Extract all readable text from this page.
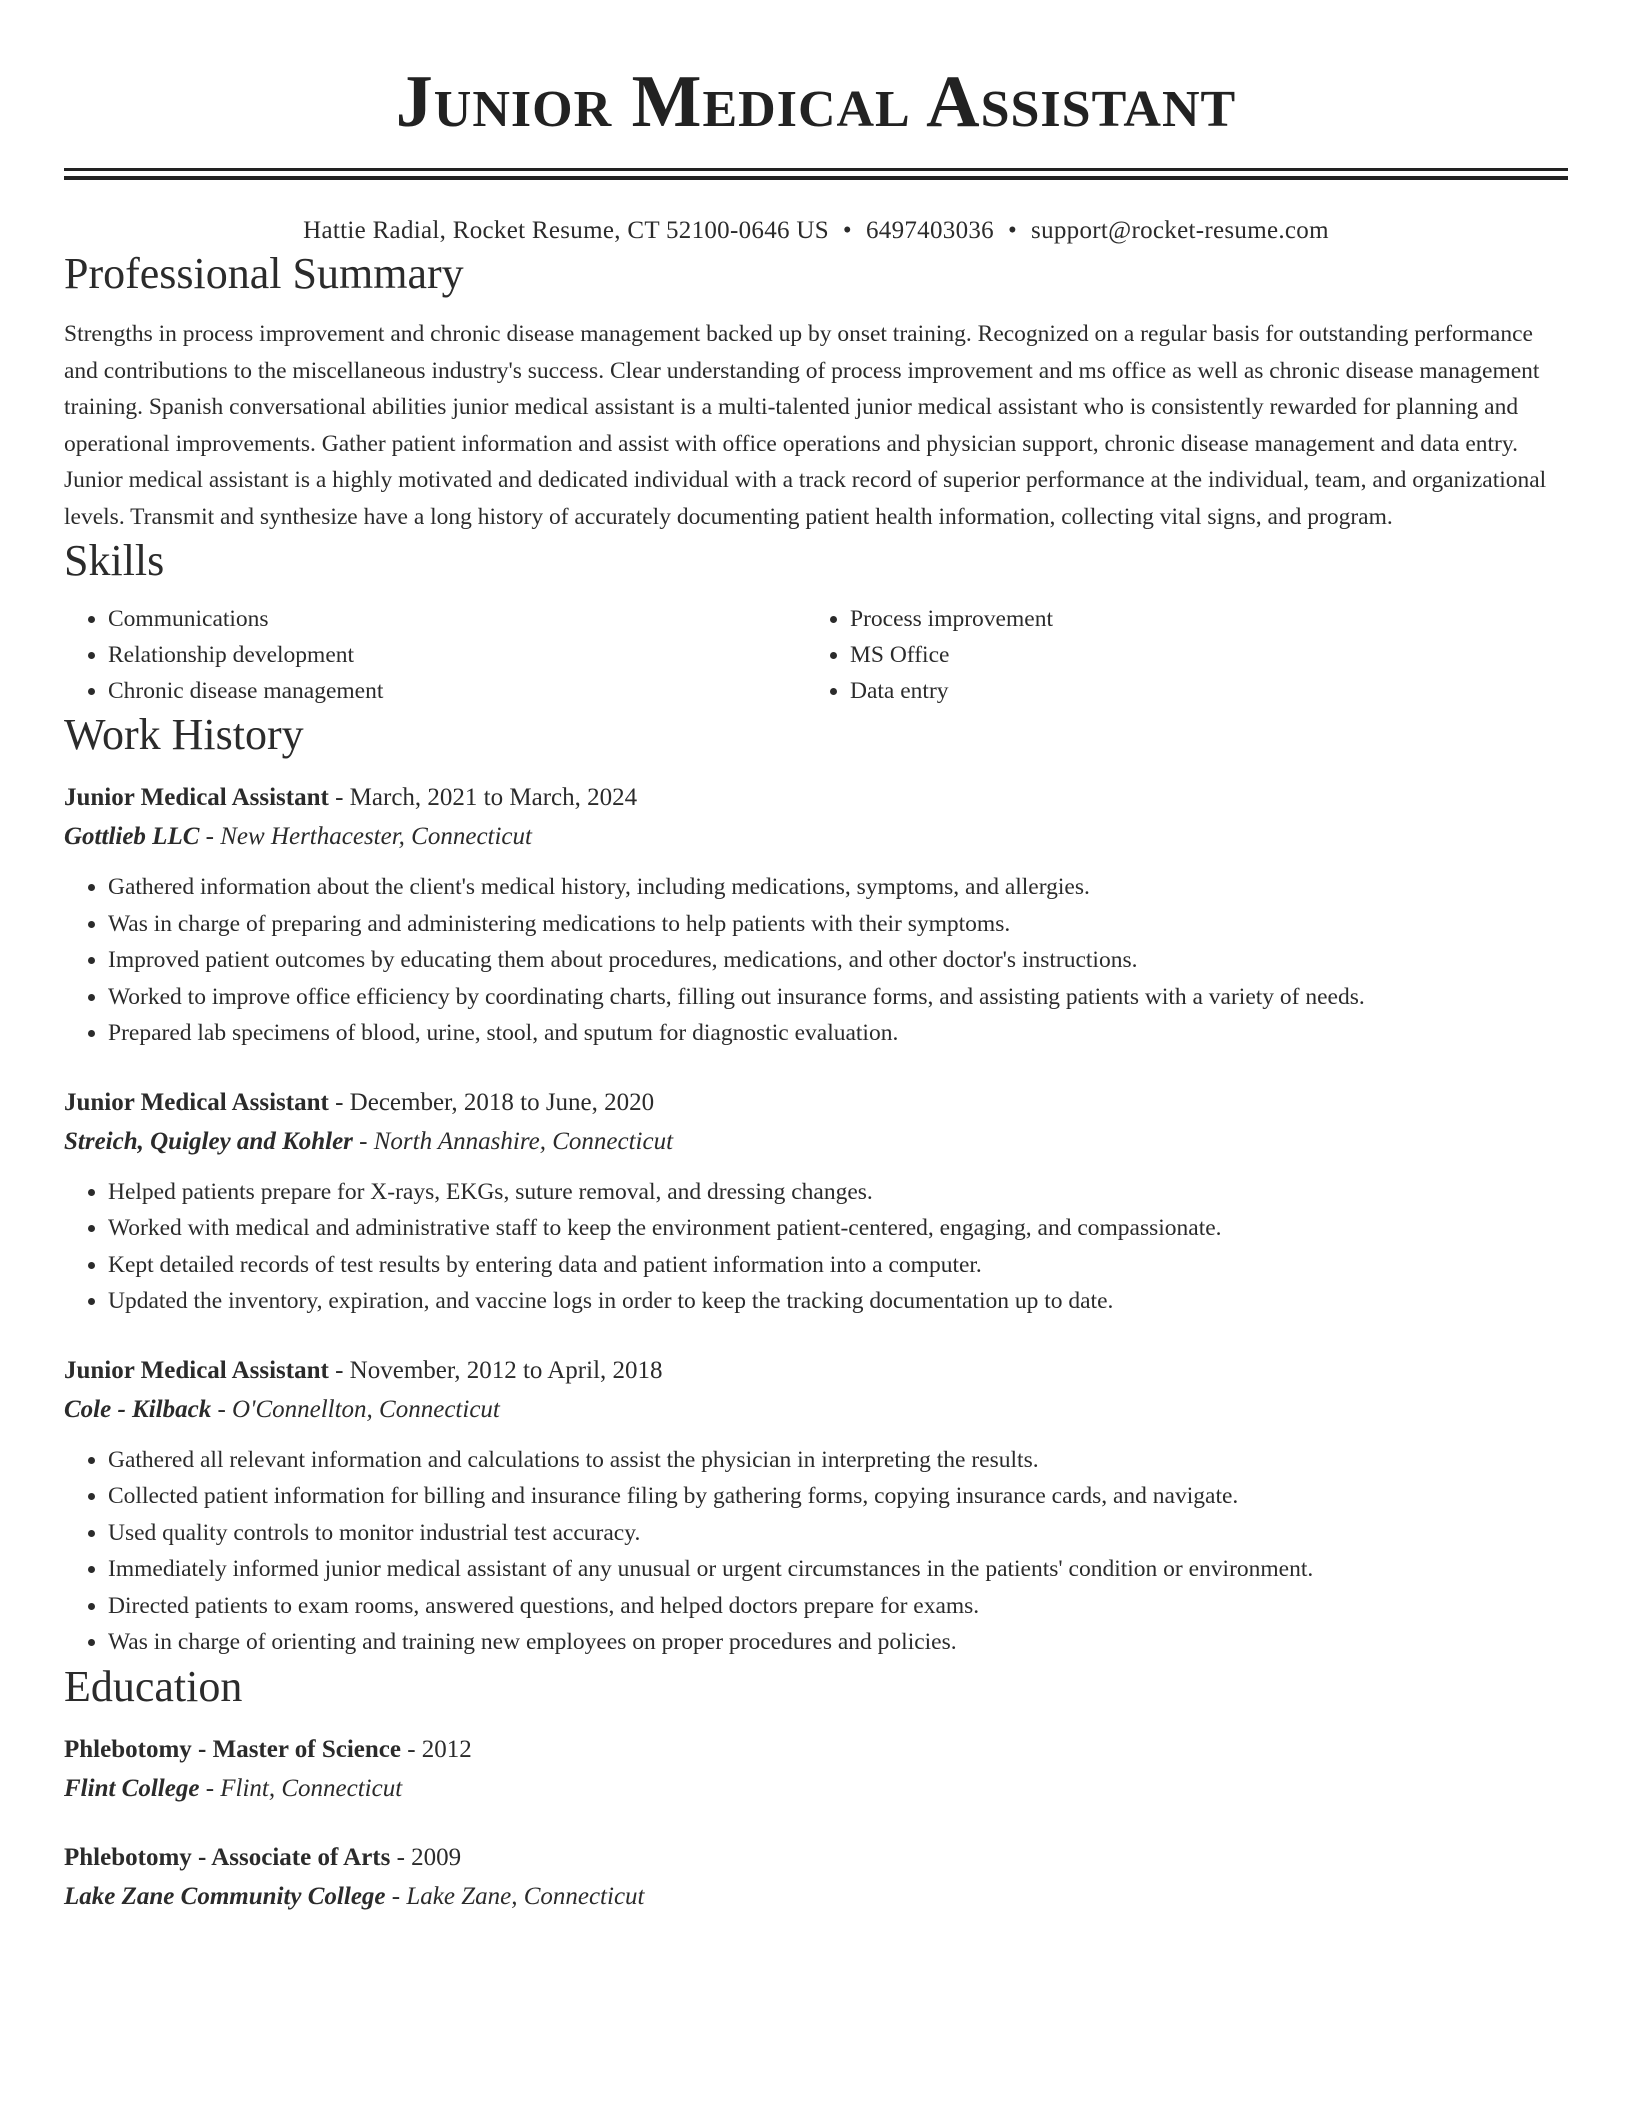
Junior Medical Assistant
Hattie Radial, Rocket Resume, CT 52100-0646 US • 6497403036 • support@rocket-resume.com
Professional Summary

Strengths in process improvement and chronic disease management backed up by onset training. Recognized on a regular basis for outstanding performance and contributions to the miscellaneous industry's success. Clear understanding of process improvement and ms office as well as chronic disease management training. Spanish conversational abilities junior medical assistant is a multi-talented junior medical assistant who is consistently rewarded for planning and operational improvements. Gather patient information and assist with office operations and physician support, chronic disease management and data entry. Junior medical assistant is a highly motivated and dedicated individual with a track record of superior performance at the individual, team, and organizational levels. Transmit and synthesize have a long history of accurately documenting patient health information, collecting vital signs, and program.

Skills
• Communications
• Relationship development
• Chronic disease management
• Process improvement
• MS Office
• Data entry
Work History
Junior Medical Assistant - March, 2021 to March, 2024
Gottlieb LLC - New Herthacester, Connecticut
• Gathered information about the client's medical history, including medications, symptoms, and allergies.
• Was in charge of preparing and administering medications to help patients with their symptoms.
• Improved patient outcomes by educating them about procedures, medications, and other doctor's instructions.
• Worked to improve office efficiency by coordinating charts, filling out insurance forms, and assisting patients with a variety of needs.
• Prepared lab specimens of blood, urine, stool, and sputum for diagnostic evaluation.
Junior Medical Assistant - December, 2018 to June, 2020
Streich, Quigley and Kohler - North Annashire, Connecticut
• Helped patients prepare for X-rays, EKGs, suture removal, and dressing changes.
• Worked with medical and administrative staff to keep the environment patient-centered, engaging, and compassionate.
• Kept detailed records of test results by entering data and patient information into a computer.
• Updated the inventory, expiration, and vaccine logs in order to keep the tracking documentation up to date.
Junior Medical Assistant - November, 2012 to April, 2018
Cole - Kilback - O'Connellton, Connecticut
• Gathered all relevant information and calculations to assist the physician in interpreting the results.
• Collected patient information for billing and insurance filing by gathering forms, copying insurance cards, and navigate.
• Used quality controls to monitor industrial test accuracy.
• Immediately informed junior medical assistant of any unusual or urgent circumstances in the patients' condition or environment.
• Directed patients to exam rooms, answered questions, and helped doctors prepare for exams.
• Was in charge of orienting and training new employees on proper procedures and policies.
Education
Phlebotomy - Master of Science - 2012
Flint College - Flint, Connecticut
Phlebotomy - Associate of Arts - 2009
Lake Zane Community College - Lake Zane, Connecticut
